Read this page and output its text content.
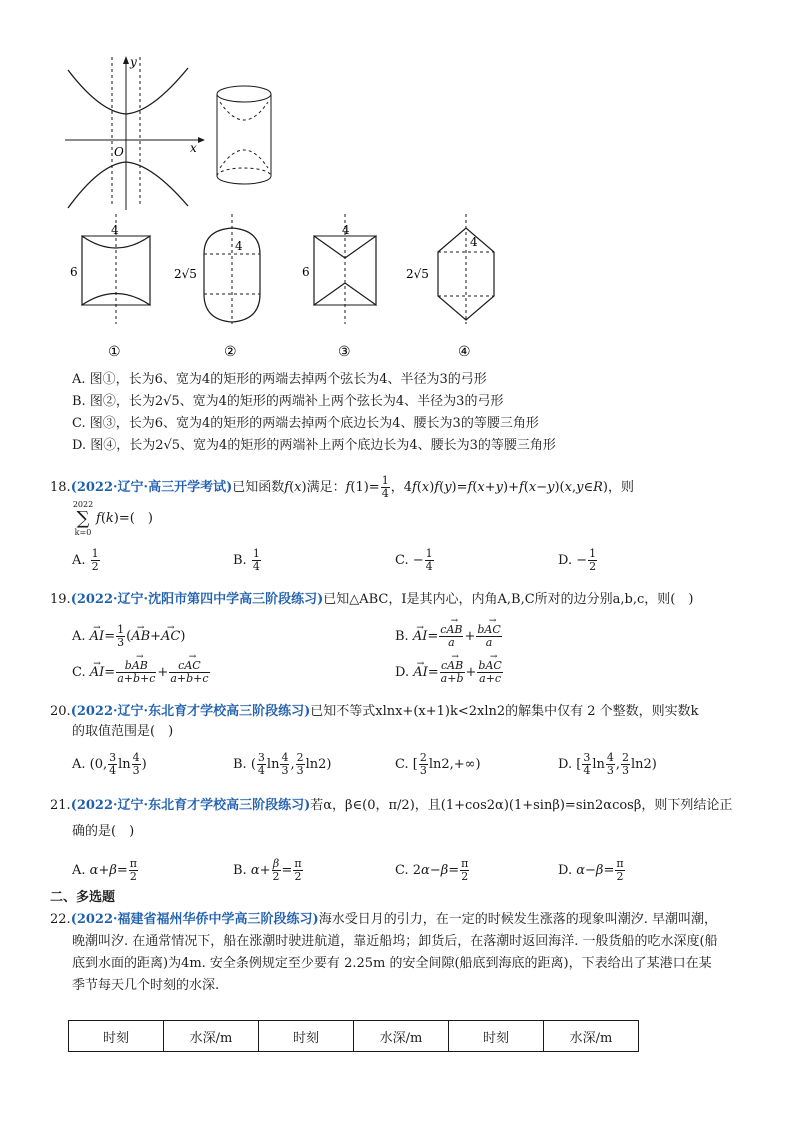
y
x
O
4
6
①
4
2√5
②
4
6
③
4
2√5
④
A. 图①，长为6、宽为4的矩形的两端去掉两个弦长为4、半径为3的弓形
B. 图②，长为2√5、宽为4的矩形的两端补上两个弦长为4、半径为3的弓形
C. 图③，长为6、宽为4的矩形的两端去掉两个底边长为4、腰长为3的等腰三角形
D. 图④，长为2√5、宽为4的矩形的两端补上两个底边长为4、腰长为3的等腰三角形
18.(2022·辽宁·高三开学考试)已知函数f(x)满足：$f(1)= \frac{1}{4}$ ，4f(x)f(y)=f(x+y)+f(x−y)(x,y∈R)，则
2022
∑
k=0
f(k)=(　)
A. $\frac{1}{2}$	B. $\frac{1}{4}$	C. − $\frac{1}{4}$	D. − $\frac{1}{2}$
19.(2022·辽宁·沈阳市第四中学高三阶段练习)已知△ABC，I是其内心，内角A,B,C所对的边分别a,b,c，则(　)
A. → $AI= \frac{1}{3}$ (→ AB+→ AC)	B. → $AI= \frac{c\to AB}{a} + \frac{b\to AC}{a}$
C. → $AI= \frac{b\to AB}{a+b+c} + \frac{c\to AC}{a+b+c}$	D. → $AI= \frac{c\to AB}{a+b} + \frac{b\to AC}{a+c}$
20.(2022·辽宁·东北育才学校高三阶段练习)已知不等式xlnx+(x+1)k<2xln2的解集中仅有 2 个整数，则实数k
的取值范围是(　)
A. (0, $\frac{3}{4}$ $\ln \frac{4}{3}$ )	B. ( $\frac{3}{4}$ $\ln \frac{4}{3}$ , $\frac{2}{3} \ln 2$)	C. [ $\frac{2}{3} \ln 2,+\infty$)	D. [ $\frac{3}{4}$ $\ln \frac{4}{3}$ , $\frac{2}{3} \ln 2$)
21.(2022·辽宁·东北育才学校高三阶段练习)若α，β∈(0，π/2)，且(1+cos2α)(1+sinβ)=sin2αcosβ，则下列结论正
确的是(　)
A. $\alpha+\beta= \frac{\pi}{2}$	B. $\alpha+ \frac{\beta}{2} = \frac{\pi}{2}$	C. $2\alpha-\beta= \frac{\pi}{2}$	D. $\alpha-\beta= \frac{\pi}{2}$
二、多选题
22.(2022·福建省福州华侨中学高三阶段练习)海水受日月的引力，在一定的时候发生涨落的现象叫潮汐. 早潮叫潮，
晚潮叫汐. 在通常情况下，船在涨潮时驶进航道，靠近船坞；卸货后，在落潮时返回海洋. 一般货船的吃水深度(船
底到水面的距离)为4m. 安全条例规定至少要有 2.25m 的安全间隙(船底到海底的距离)，下表给出了某港口在某
季节每天几个时刻的水深.
时刻	水深/m	时刻	水深/m	时刻	水深/m
